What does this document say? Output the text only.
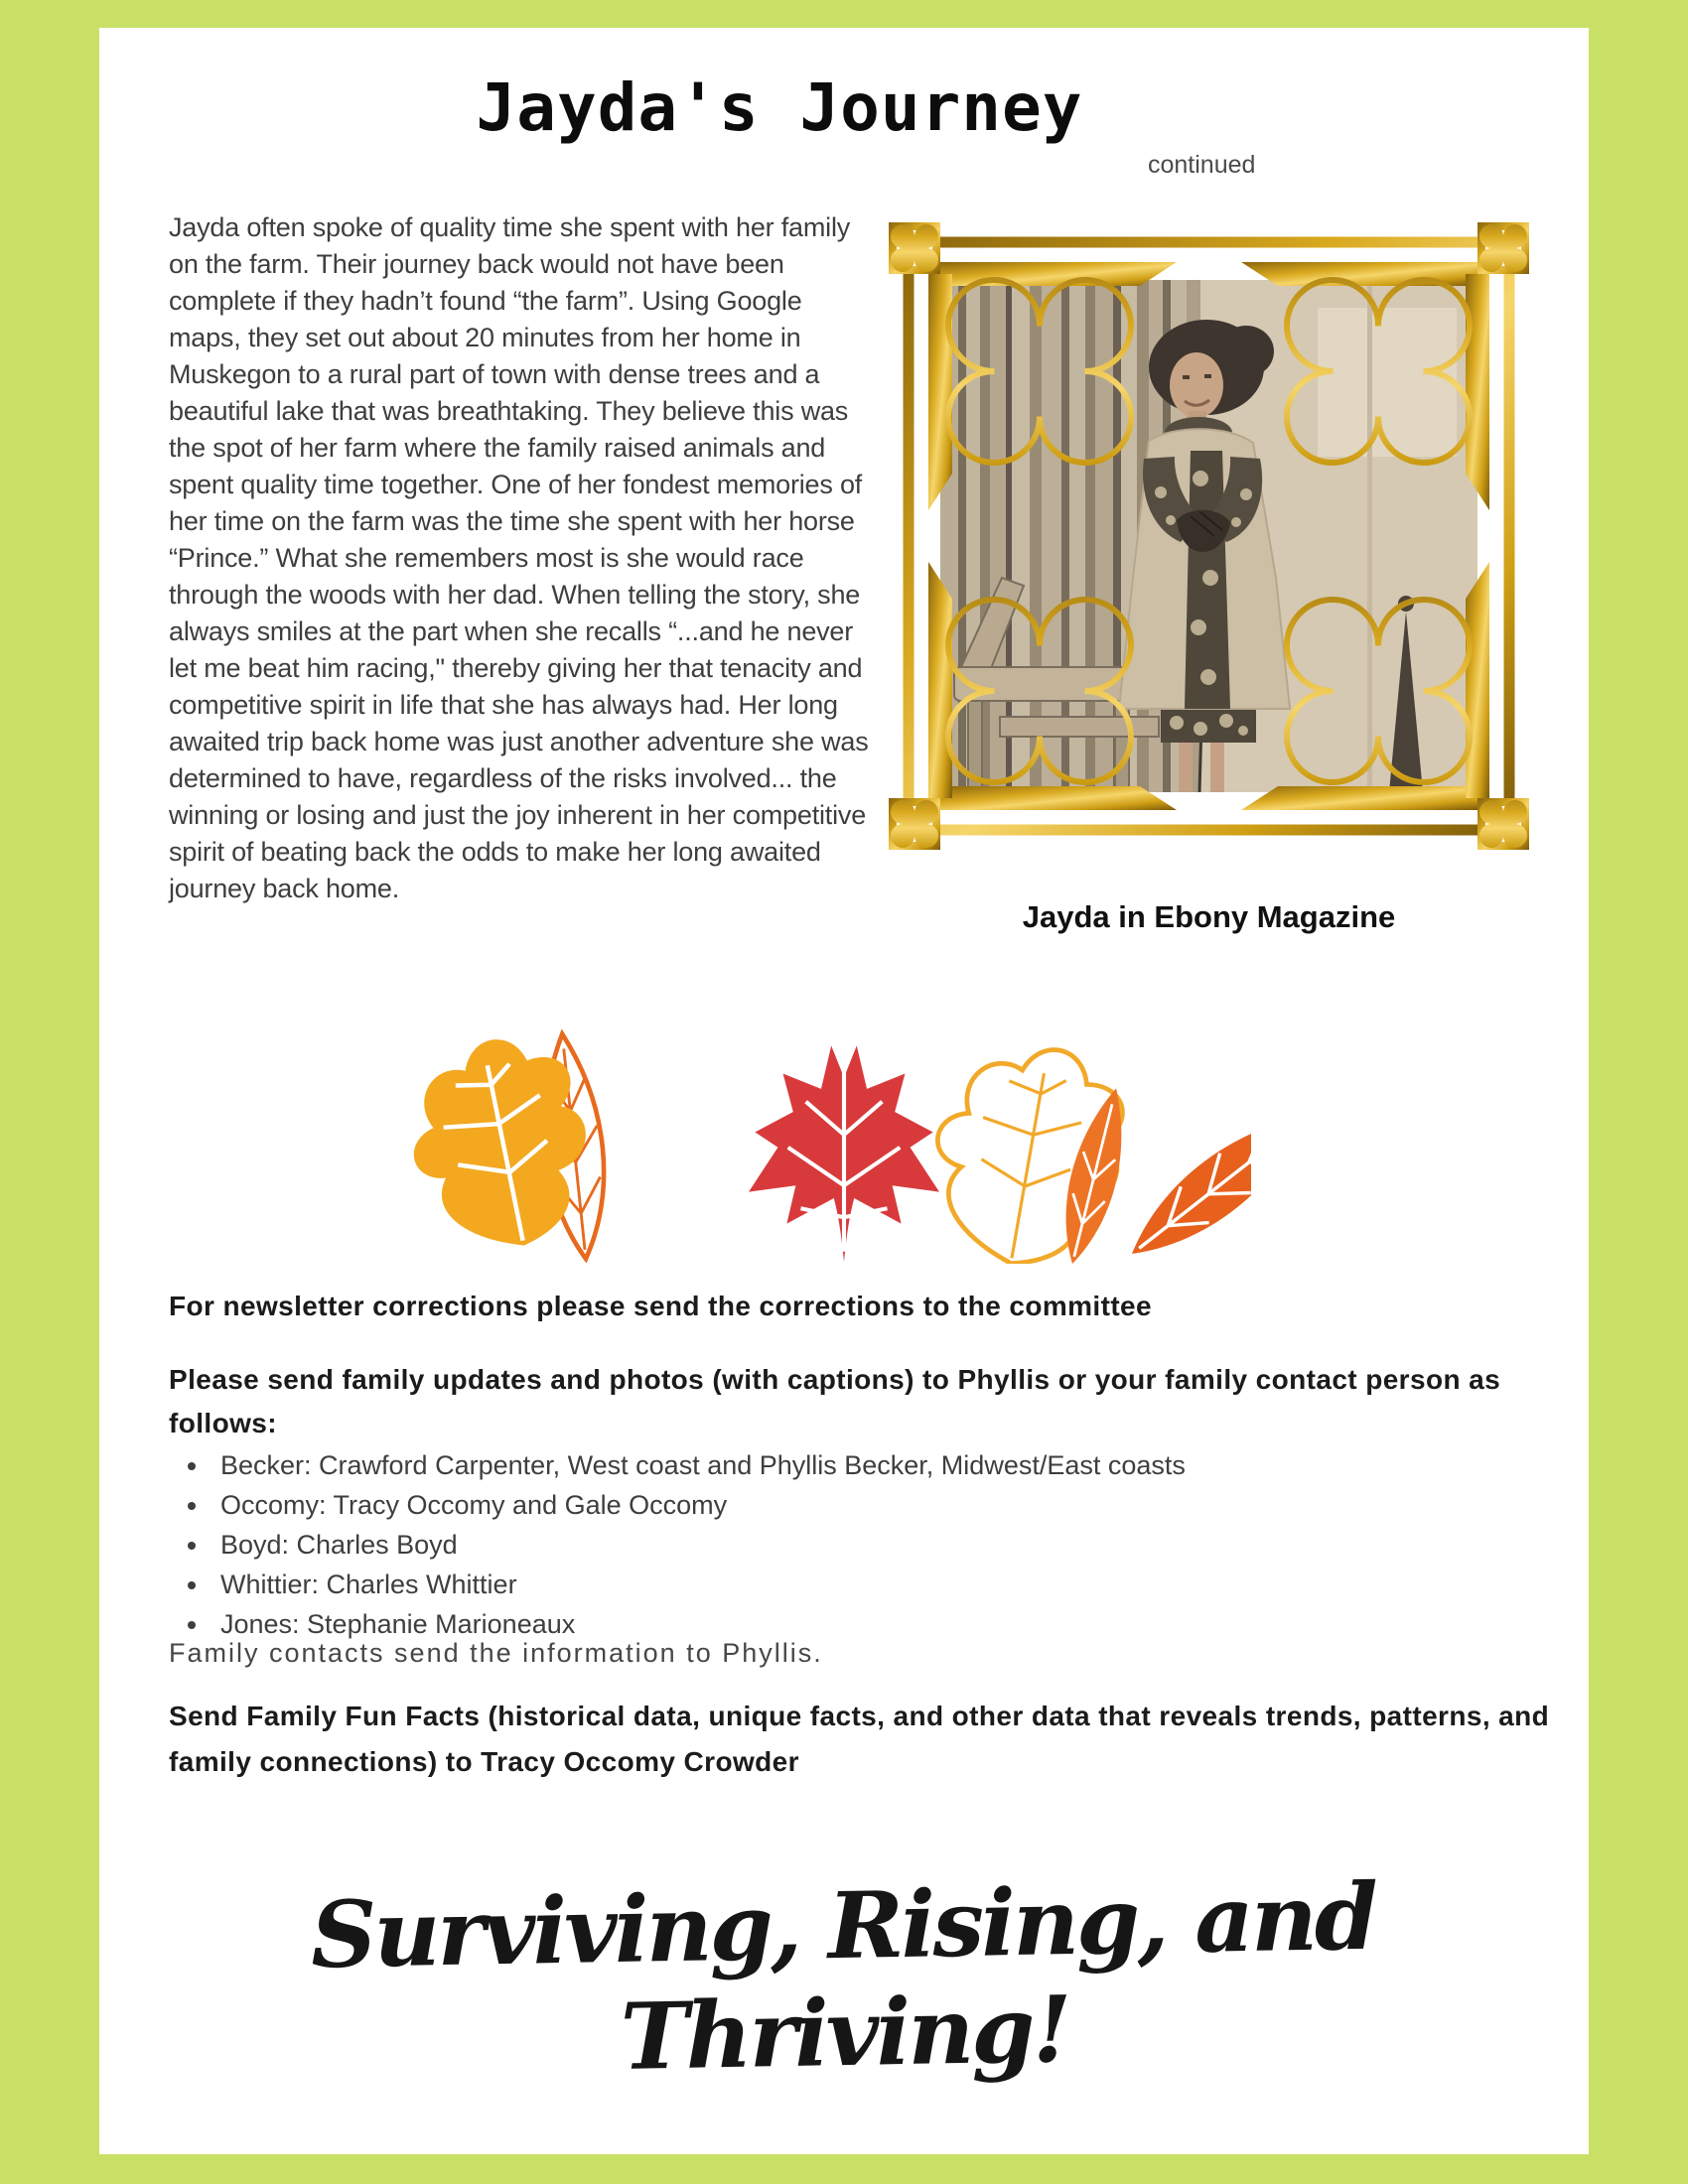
Jayda's Journey
continued

Jayda often spoke of quality time she spent with her family on the farm. Their journey back would not have been complete if they hadn’t found “the farm”. Using Google maps, they set out about 20 minutes from her home in Muskegon to a rural part of town with dense trees and a beautiful lake that was breathtaking. They believe this was the spot of her farm where the family raised animals and spent quality time together. One of her fondest memories of her time on the farm was the time she spent with her horse “Prince.” What she remembers most is she would race through the woods with her dad. When telling the story, she always smiles at the part when she recalls “...and he never let me beat him racing," thereby giving her that tenacity and competitive spirit in life that she has always had. Her long awaited trip back home was just another adventure she was determined to have, regardless of the risks involved... the winning or losing and just the joy inherent in her competitive spirit of beating back the odds to make her long awaited journey back home.

Jayda in Ebony Magazine
For newsletter corrections please send the corrections to the committee
Please send family updates and photos (with captions) to Phyllis or your family contact person as follows:
• Becker: Crawford Carpenter, West coast and Phyllis Becker, Midwest/East coasts
• Occomy: Tracy Occomy and Gale Occomy
• Boyd: Charles Boyd
• Whittier: Charles Whittier
• Jones: Stephanie Marioneaux
Family contacts send the information to Phyllis.
Send Family Fun Facts (historical data, unique facts, and other data that reveals trends, patterns, and family connections) to Tracy Occomy Crowder
Surviving, Rising, and Thriving!
